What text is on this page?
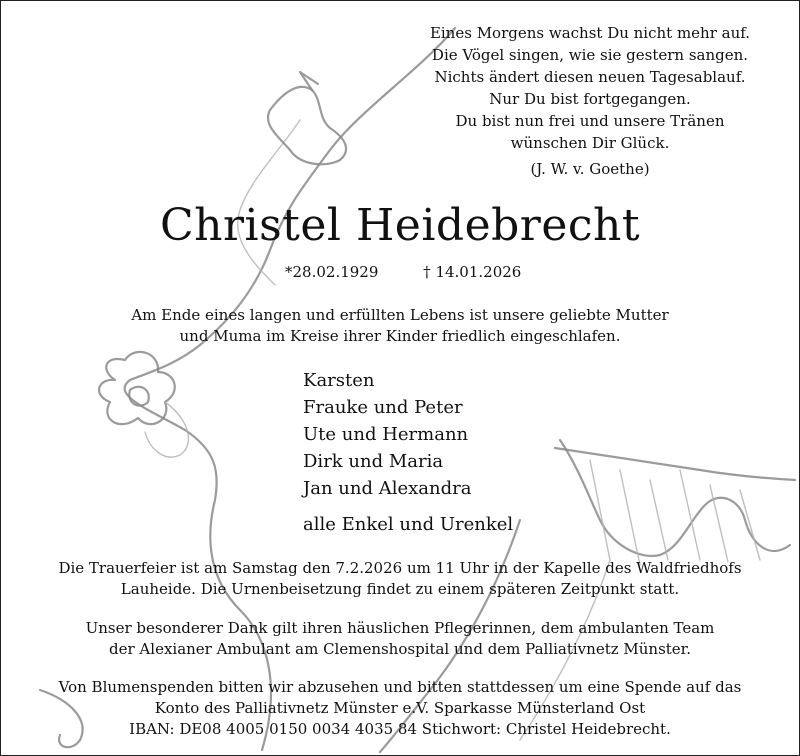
Eines Morgens wachst Du nicht mehr auf.
Die Vögel singen, wie sie gestern sangen.
Nichts ändert diesen neuen Tagesablauf.
Nur Du bist fortgegangen.
Du bist nun frei und unsere Tränen
wünschen Dir Glück.
(J. W. v. Goethe)
Christel Heidebrecht
*28.02.1929	† 14.01.2026
Am Ende eines langen und erfüllten Lebens ist unsere geliebte Mutter
und Muma im Kreise ihrer Kinder friedlich eingeschlafen.
Karsten
Frauke und Peter
Ute und Hermann
Dirk und Maria
Jan und Alexandra
alle Enkel und Urenkel
Die Trauerfeier ist am Samstag den 7.2.2026 um 11 Uhr in der Kapelle des Waldfriedhofs
Lauheide. Die Urnenbeisetzung findet zu einem späteren Zeitpunkt statt.
Unser besonderer Dank gilt ihren häuslichen Pflegerinnen, dem ambulanten Team
der Alexianer Ambulant am Clemenshospital und dem Palliativnetz Münster.
Von Blumenspenden bitten wir abzusehen und bitten stattdessen um eine Spende auf das
Konto des Palliativnetz Münster e.V. Sparkasse Münsterland Ost
IBAN: DE08 4005 0150 0034 4035 84 Stichwort: Christel Heidebrecht.
